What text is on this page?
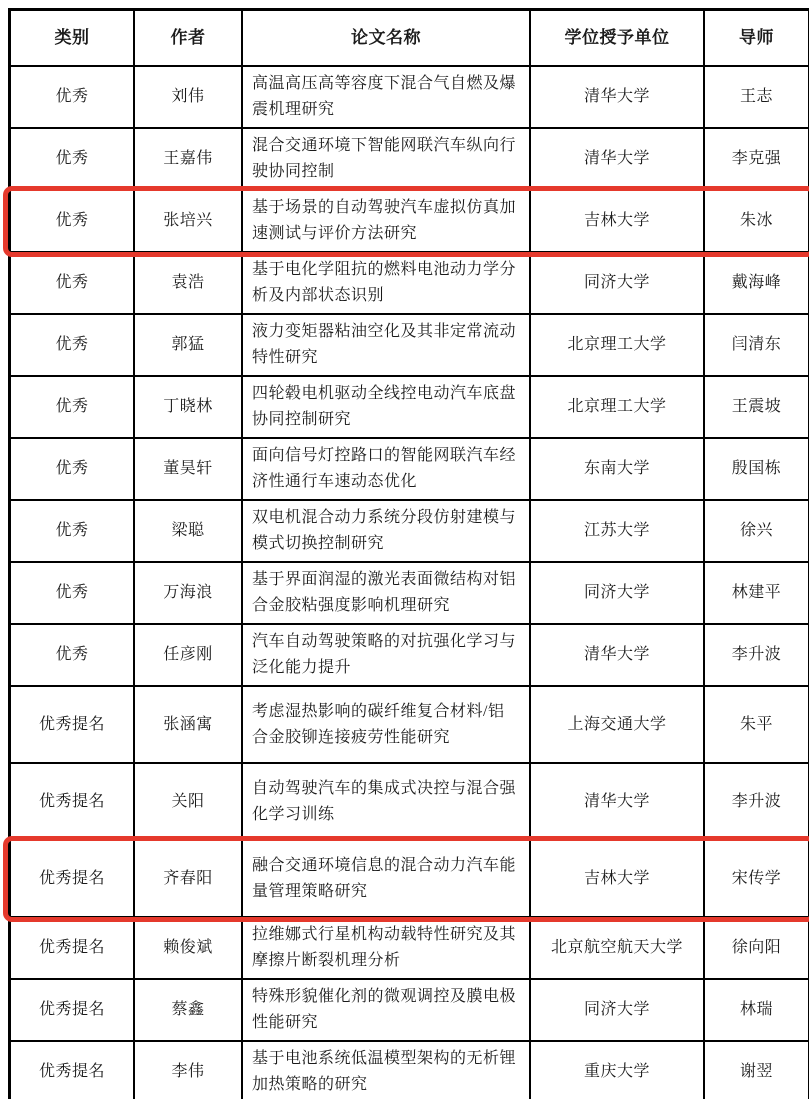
类别	作者	论文名称	学位授予单位	导师
优秀	刘伟	高温高压高等容度下混合气自燃及爆震机理研究	清华大学	王志
优秀	王嘉伟	混合交通环境下智能网联汽车纵向行驶协同控制	清华大学	李克强
优秀	张培兴	基于场景的自动驾驶汽车虚拟仿真加速测试与评价方法研究	吉林大学	朱冰
优秀	袁浩	基于电化学阻抗的燃料电池动力学分析及内部状态识别	同济大学	戴海峰
优秀	郭猛	液力变矩器粘油空化及其非定常流动特性研究	北京理工大学	闫清东
优秀	丁晓林	四轮毂电机驱动全线控电动汽车底盘协同控制研究	北京理工大学	王震坡
优秀	董昊轩	面向信号灯控路口的智能网联汽车经济性通行车速动态优化	东南大学	殷国栋
优秀	梁聪	双电机混合动力系统分段仿射建模与模式切换控制研究	江苏大学	徐兴
优秀	万海浪	基于界面润湿的激光表面微结构对铝合金胶粘强度影响机理研究	同济大学	林建平
优秀	任彦刚	汽车自动驾驶策略的对抗强化学习与泛化能力提升	清华大学	李升波
优秀提名	张涵寓	考虑湿热影响的碳纤维复合材料/铝合金胶铆连接疲劳性能研究	上海交通大学	朱平
优秀提名	关阳	自动驾驶汽车的集成式决控与混合强化学习训练	清华大学	李升波
优秀提名	齐春阳	融合交通环境信息的混合动力汽车能量管理策略研究	吉林大学	宋传学
优秀提名	赖俊斌	拉维娜式行星机构动载特性研究及其摩擦片断裂机理分析	北京航空航天大学	徐向阳
优秀提名	蔡鑫	特殊形貌催化剂的微观调控及膜电极性能研究	同济大学	林瑞
优秀提名	李伟	基于电池系统低温模型架构的无析锂加热策略的研究	重庆大学	谢翌
